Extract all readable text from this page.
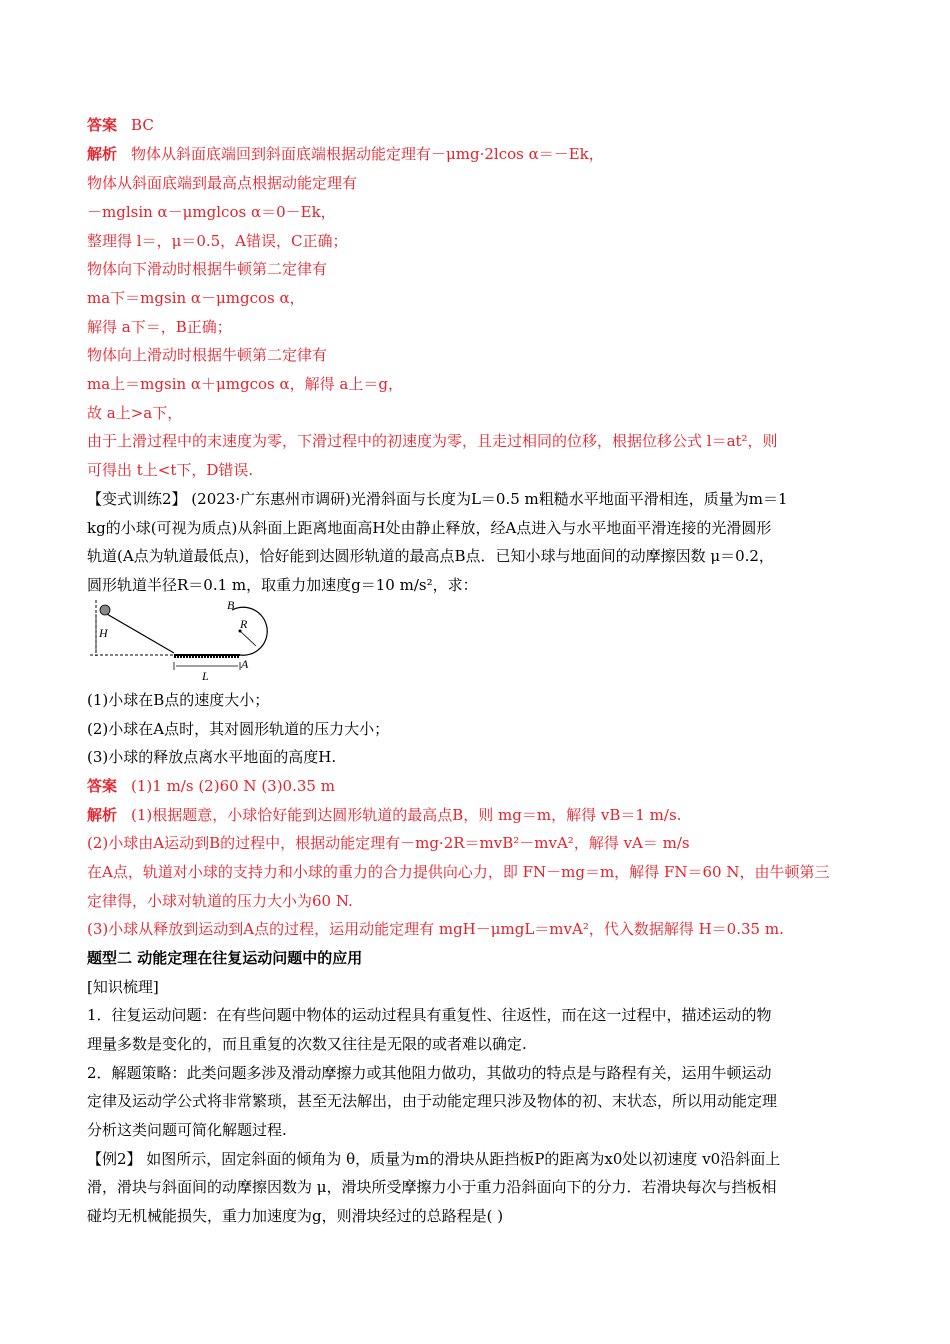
答案 BC
解析 物体从斜面底端回到斜面底端根据动能定理有－μmg·2lcos α＝－Ek，
物体从斜面底端到最高点根据动能定理有
－mglsin α－μmglcos α＝0－Ek，
整理得 l＝，μ＝0.5，A错误，C正确；
物体向下滑动时根据牛顿第二定律有
ma下＝mgsin α－μmgcos α，
解得 a下＝，B正确；
物体向上滑动时根据牛顿第二定律有
ma上＝mgsin α＋μmgcos α，解得 a上＝g，
故 a上>a下，
由于上滑过程中的末速度为零，下滑过程中的初速度为零，且走过相同的位移，根据位移公式 l＝at²，则
可得出 t上<t下，D错误.
【变式训练2】 (2023·广东惠州市调研)光滑斜面与长度为L＝0.5 m粗糙水平地面平滑相连，质量为m＝1
kg的小球(可视为质点)从斜面上距离地面高H处由静止释放，经A点进入与水平地面平滑连接的光滑圆形
轨道(A点为轨道最低点)，恰好能到达圆形轨道的最高点B点．已知小球与地面间的动摩擦因数 μ＝0.2，
圆形轨道半径R＝0.1 m，取重力加速度g＝10 m/s²，求：
H
L
A
B
R
(1)小球在B点的速度大小；
(2)小球在A点时，其对圆形轨道的压力大小；
(3)小球的释放点离水平地面的高度H.
答案 (1)1 m/s (2)60 N (3)0.35 m
解析 (1)根据题意，小球恰好能到达圆形轨道的最高点B，则 mg＝m，解得 vB＝1 m/s.
(2)小球由A运动到B的过程中，根据动能定理有－mg·2R＝mvB²－mvA²，解得 vA＝ m/s
在A点，轨道对小球的支持力和小球的重力的合力提供向心力，即 FN－mg＝m，解得 FN＝60 N，由牛顿第三
定律得，小球对轨道的压力大小为60 N.
(3)小球从释放到运动到A点的过程，运用动能定理有 mgH－μmgL＝mvA²，代入数据解得 H＝0.35 m.
题型二 动能定理在往复运动问题中的应用
[知识梳理]
1．往复运动问题：在有些问题中物体的运动过程具有重复性、往返性，而在这一过程中，描述运动的物
理量多数是变化的，而且重复的次数又往往是无限的或者难以确定.
2．解题策略：此类问题多涉及滑动摩擦力或其他阻力做功，其做功的特点是与路程有关，运用牛顿运动
定律及运动学公式将非常繁琐，甚至无法解出，由于动能定理只涉及物体的初、末状态，所以用动能定理
分析这类问题可简化解题过程.
【例2】 如图所示，固定斜面的倾角为 θ，质量为m的滑块从距挡板P的距离为x0处以初速度 v0沿斜面上
滑，滑块与斜面间的动摩擦因数为 μ，滑块所受摩擦力小于重力沿斜面向下的分力．若滑块每次与挡板相
碰均无机械能损失，重力加速度为g，则滑块经过的总路程是( )
